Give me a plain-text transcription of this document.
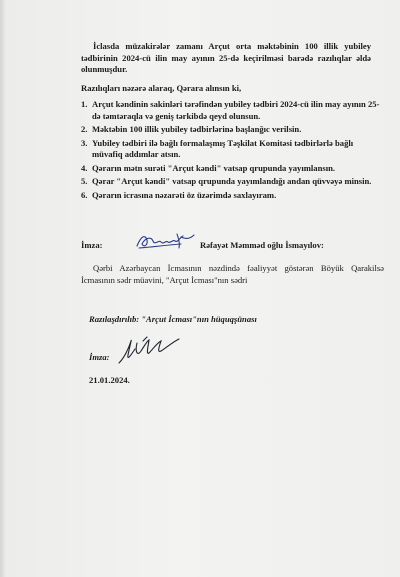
İclasda müzakirələr zamanı Arçut orta məktəbinin 100 illik yubiley tədbirinin 2024-cü ilin may ayının 25-də keçirilməsi barədə razılıqlar əldə olunmuşdur.
Razılıqları nəzərə alaraq, Qərara alınsın ki,
1. Arçut kəndinin sakinləri tərəfindən yubiley tədbiri 2024-cü ilin may ayının 25-də təmtəraqla və geniş tərkibdə qeyd olunsun.
2. Məktəbin 100 illik yubiley tədbirlərinə başlanğıc verilsin.
3. Yubiley tədbiri ilə bağlı formalaşmış Təşkilat Komitəsi tədbirlərlə bağlı müvafiq addımlar atsın.
4. Qərarın mətn surəti "Arçut kəndi" vatsap qrupunda yayımlansın.
5. Qərar "Arçut kəndi" vatsap qrupunda yayımlandığı andan qüvvəyə minsin.
6. Qərarın icrasına nəzarəti öz üzərimdə saxlayıram.
İmza:	Rəfayət Məmməd oğlu İsmayılov:
Qərbi Azərbaycan İcmasının nəzdində fəaliyyət göstərən Böyük Qarakilsə İcmasının sədr müavini, "Arçut İcması"nın sədri
Razılaşdırılıb: "Arçut İcması"nın hüquqşünası
İmza:
21.01.2024.
